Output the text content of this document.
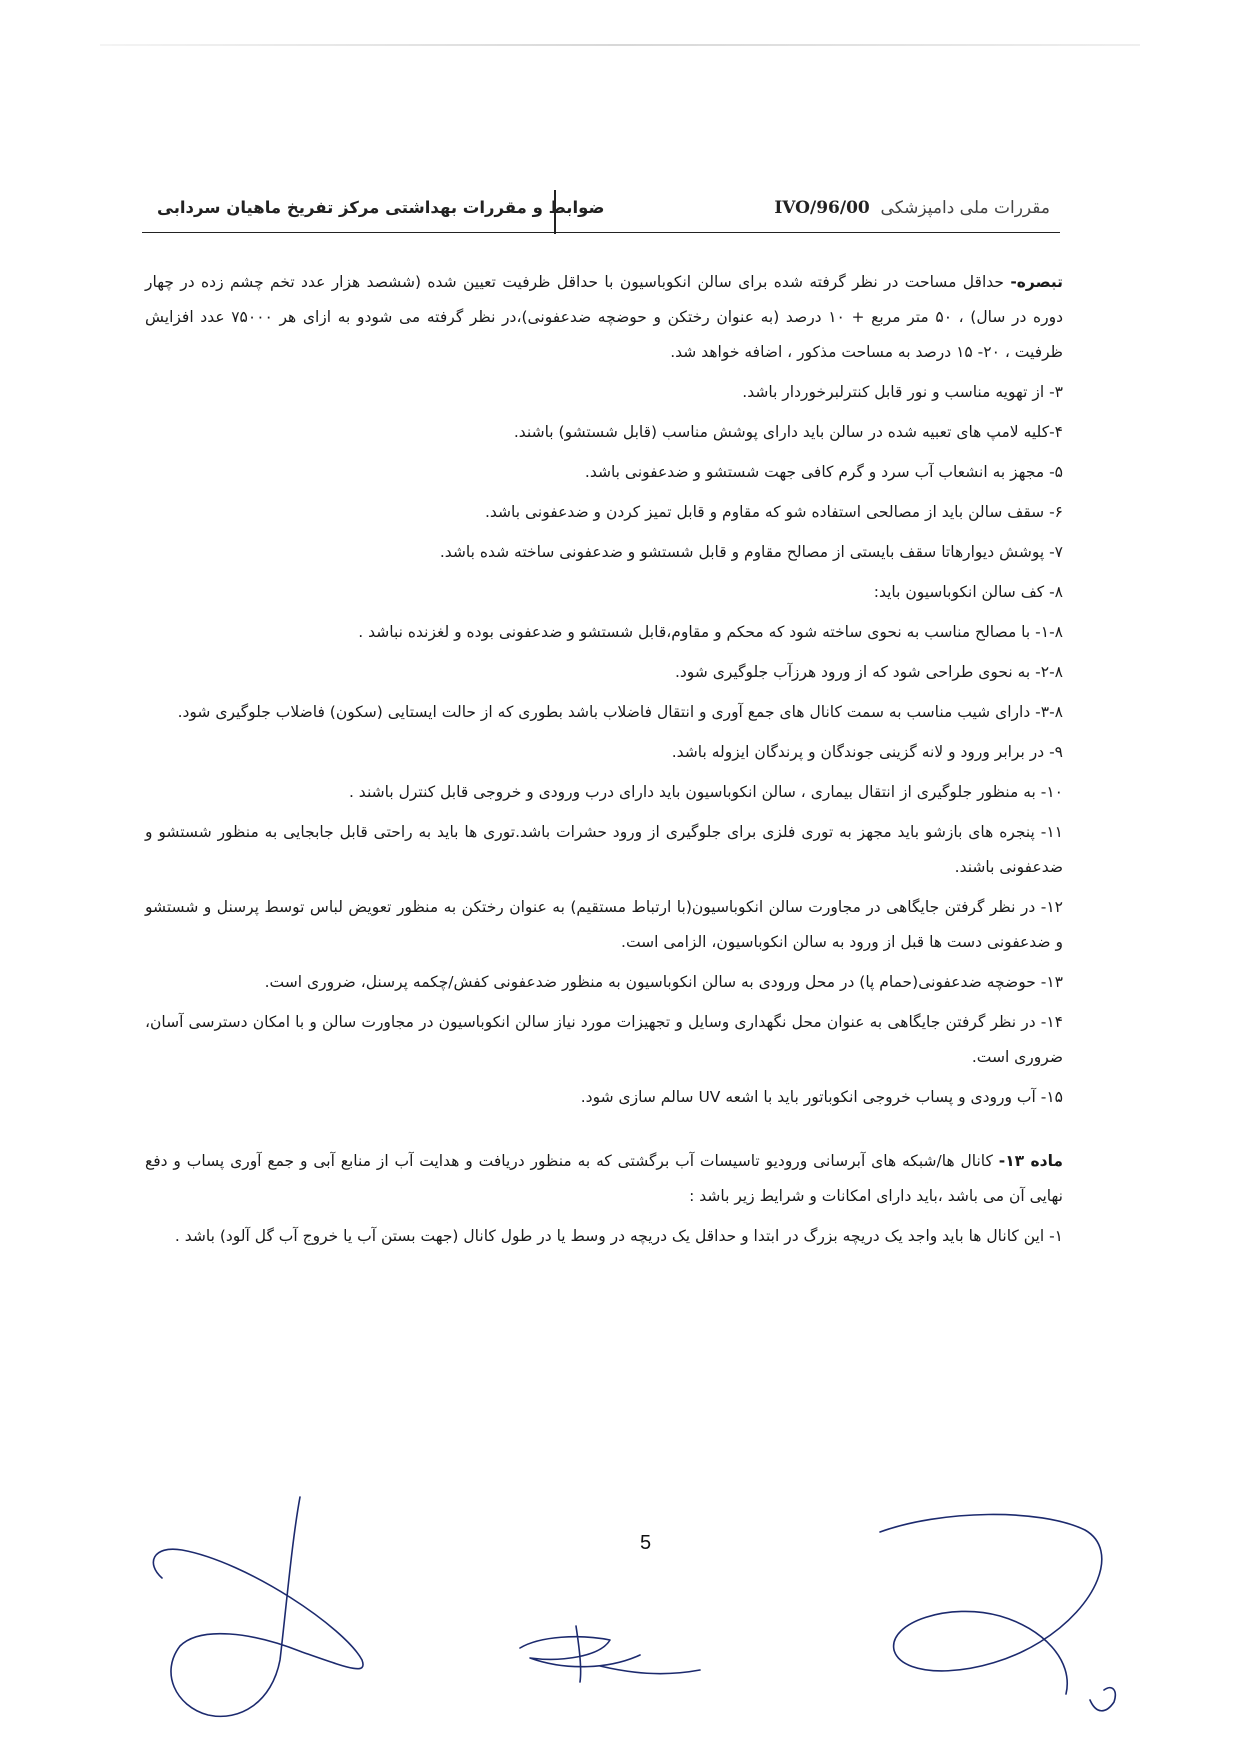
مقررات ملی دامپزشکی  96/00/IVO
ضوابط و مقررات بهداشتی مرکز تفریخ ماهیان سردابی

تبصره- حداقل مساحت در نظر گرفته شده برای سالن انکوباسیون با حداقل ظرفیت تعیین شده (ششصد هزار عدد تخم چشم زده در چهار دوره در سال) ، ۵۰ متر مربع + ۱۰ درصد (به عنوان رختکن و حوضچه ضدعفونی)،در نظر گرفته می شودو به ازای هر ۷۵۰۰۰ عدد افزایش ظرفیت ، ۲۰- ۱۵ درصد به مساحت مذکور ، اضافه خواهد شد.

۳- از تهویه مناسب و نور قابل کنترلبرخوردار باشد.

۴-کلیه لامپ های تعبیه شده در سالن باید دارای پوشش مناسب (قابل شستشو) باشند.

۵- مجهز به انشعاب آب سرد و گرم کافی جهت شستشو و ضدعفونی باشد.

۶- سقف سالن باید از مصالحی استفاده شو که مقاوم و قابل تمیز کردن و ضدعفونی باشد.

۷- پوشش دیوارهاتا سقف بایستی از مصالح مقاوم و قابل شستشو و ضدعفونی ساخته شده باشد.

۸- کف سالن انکوباسیون باید:

۱-۸- با مصالح مناسب به نحوی ساخته شود که محکم و مقاوم،قابل شستشو و ضدعفونی بوده و لغزنده نباشد .

۲-۸- به نحوی طراحی شود که از ورود هرزآب جلوگیری شود.

۳-۸- دارای شیب مناسب به سمت کانال های جمع آوری و انتقال فاضلاب باشد بطوری که از حالت ایستایی (سکون) فاضلاب جلوگیری شود.

۹- در برابر ورود و لانه گزینی جوندگان و پرندگان ایزوله باشد.

۱۰- به منظور جلوگیری از انتقال بیماری ، سالن انکوباسیون باید دارای درب ورودی و خروجی قابل کنترل باشند .

۱۱- پنجره های بازشو باید مجهز به توری فلزی برای جلوگیری از ورود حشرات باشد.توری ها باید به راحتی قابل جابجایی به منظور شستشو و ضدعفونی باشند.

۱۲- در نظر گرفتن جایگاهی در مجاورت سالن انکوباسیون(با ارتباط مستقیم) به عنوان رختکن به منظور تعویض لباس توسط پرسنل و شستشو و ضدعفونی دست ها قبل از ورود به سالن انکوباسیون، الزامی است.

۱۳- حوضچه ضدعفونی(حمام پا) در محل ورودی به سالن انکوباسیون به منظور ضدعفونی کفش/چکمه پرسنل، ضروری است.

۱۴- در نظر گرفتن جایگاهی به عنوان محل نگهداری وسایل و تجهیزات مورد نیاز سالن انکوباسیون در مجاورت سالن و با امکان دسترسی آسان، ضروری است.

۱۵- آب ورودی و پساب خروجی انکوباتور باید با اشعه UV سالم سازی شود.

ماده ۱۳- کانال ها/شبکه های آبرسانی ورودیو تاسیسات آب برگشتی که به منظور دریافت و هدایت آب از منابع آبی و جمع آوری پساب و دفع نهایی آن می باشد ،باید دارای امکانات و شرایط زیر باشد :

۱- این کانال ها باید واجد یک دریچه بزرگ در ابتدا و حداقل یک دریچه در وسط یا در طول کانال (جهت بستن آب یا خروج آب گل آلود) باشد .

5
